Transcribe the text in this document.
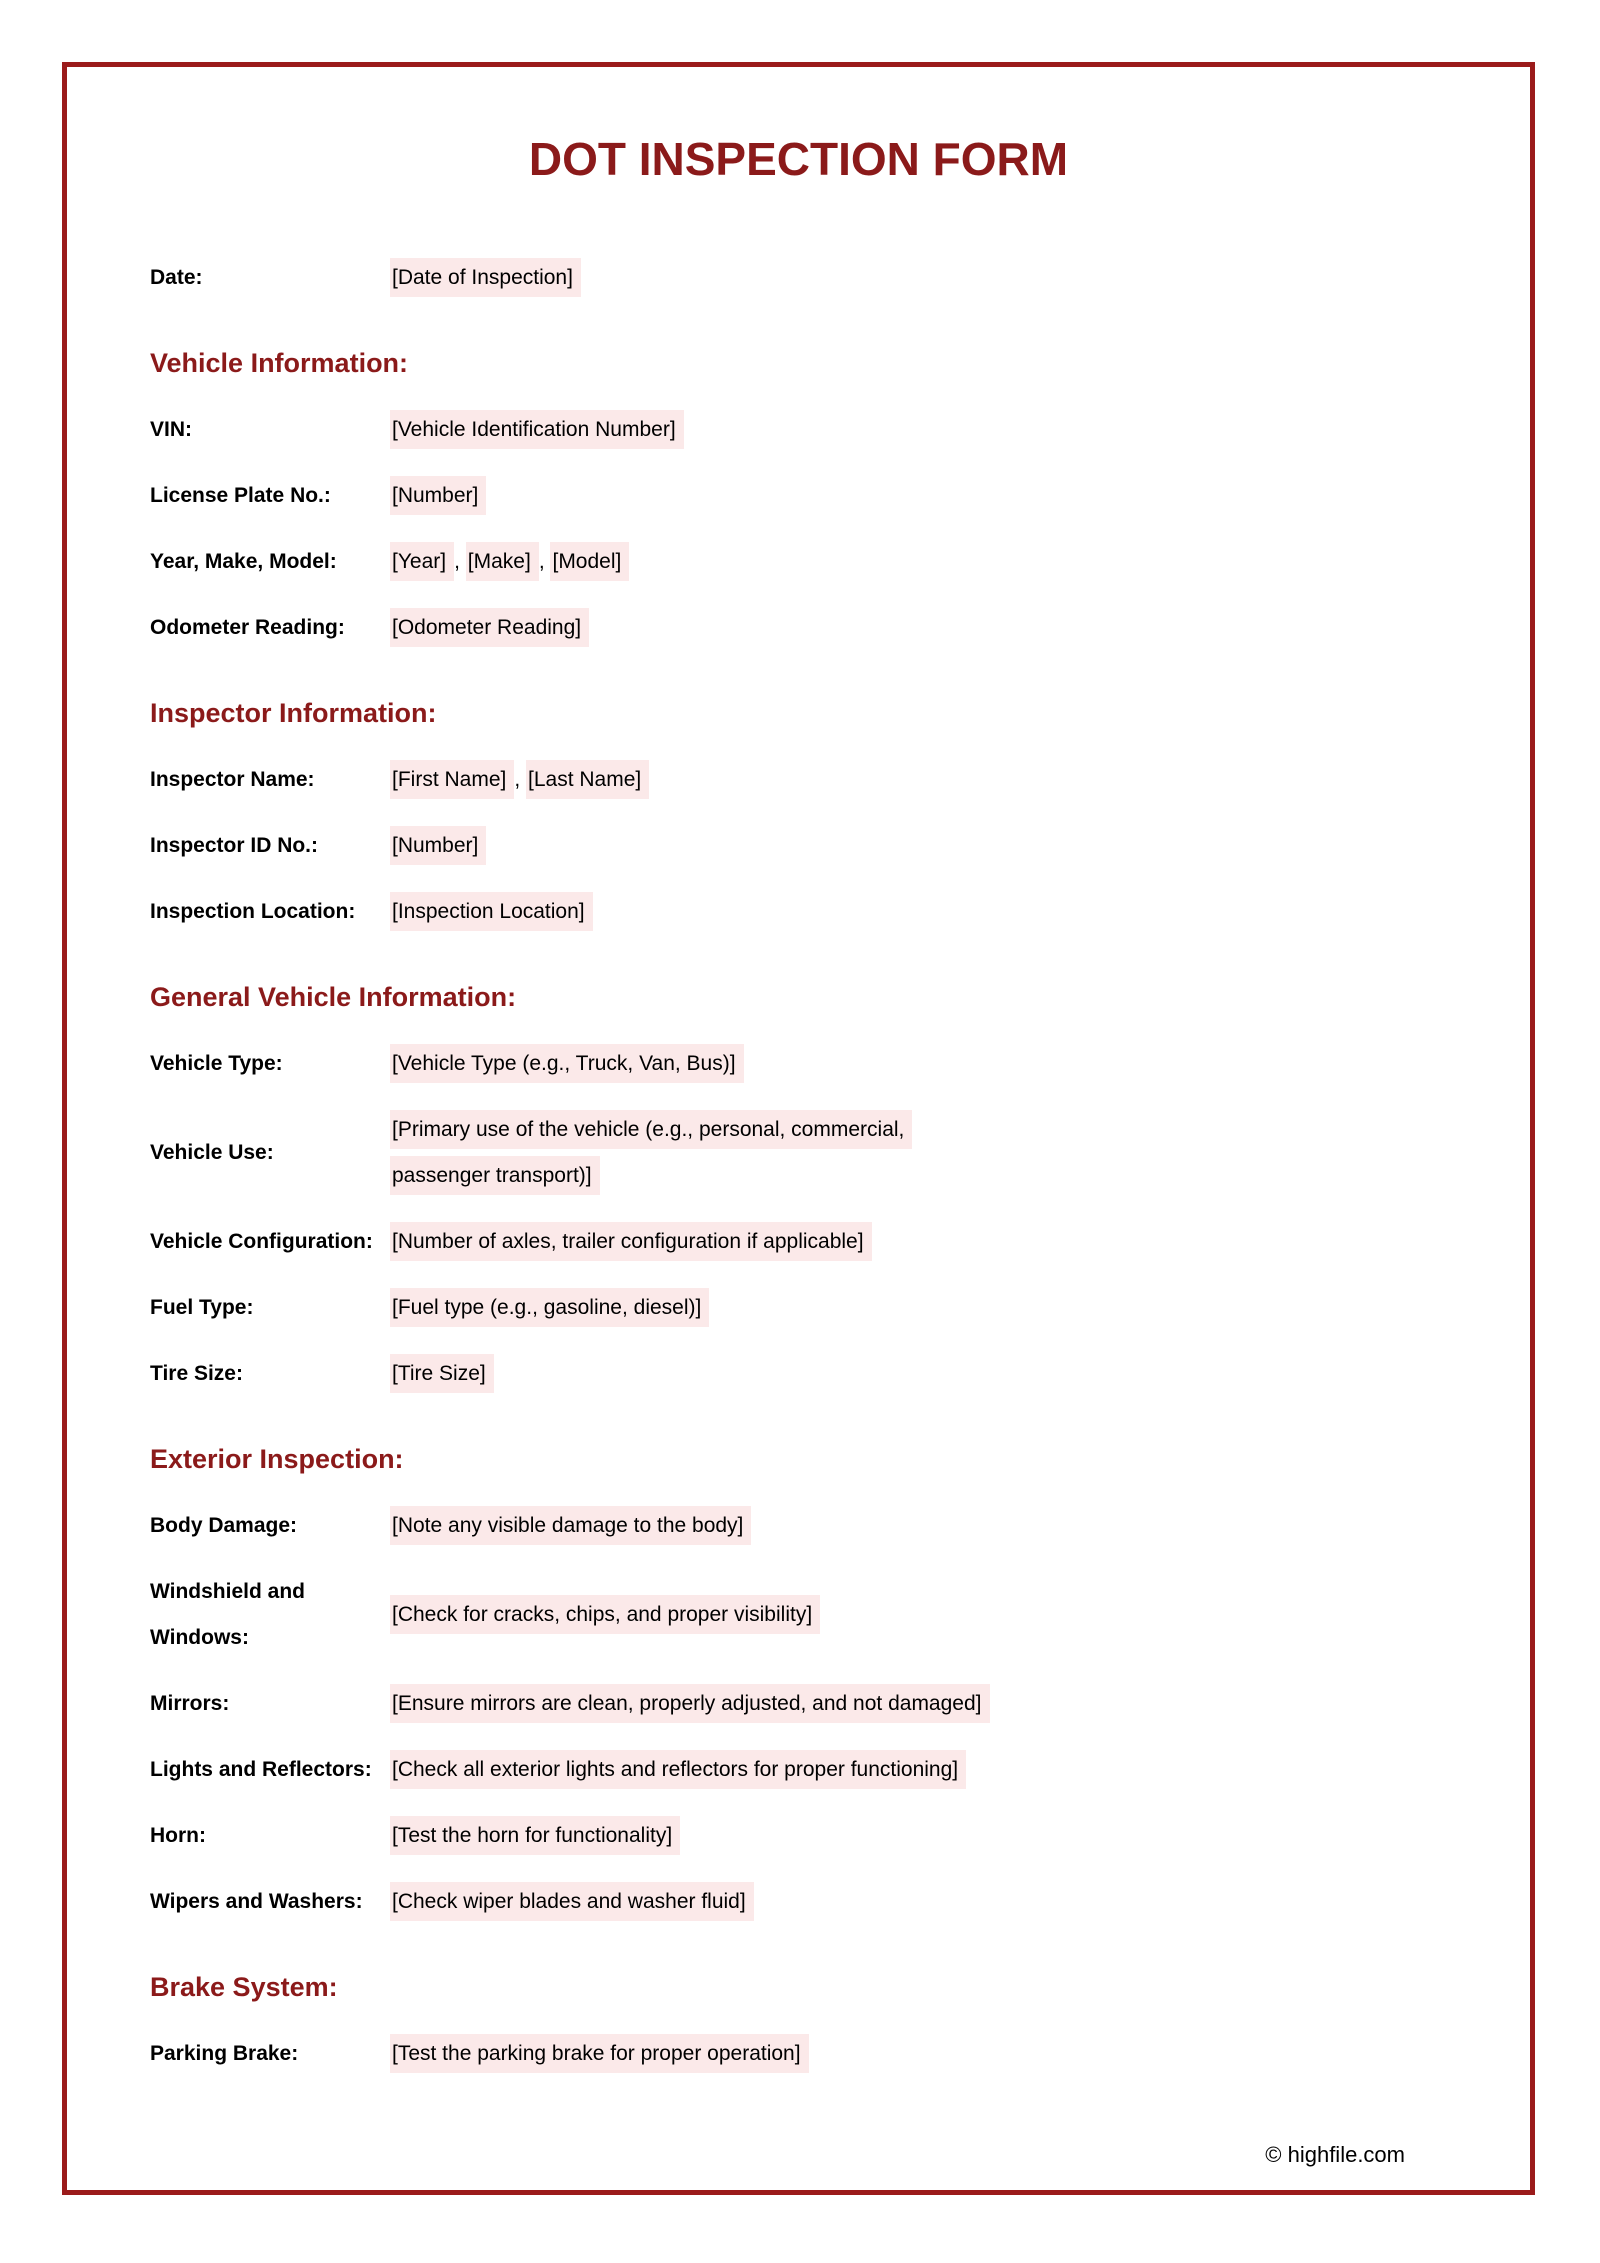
DOT INSPECTION FORM
Date:	[Date of Inspection]
Vehicle Information:
VIN:	[Vehicle Identification Number]
License Plate No.:	[Number]
Year, Make, Model:	[Year] , [Make] , [Model]
Odometer Reading:	[Odometer Reading]
Inspector Information:
Inspector Name:	[First Name] , [Last Name]
Inspector ID No.:	[Number]
Inspection Location:	[Inspection Location]
General Vehicle Information:
Vehicle Type:	[Vehicle Type (e.g., Truck, Van, Bus)]
Vehicle Use:
[Primary use of the vehicle (e.g., personal, commercial, passenger transport)]
Vehicle Configuration: [Number of axles, trailer configuration if applicable]
Fuel Type:	[Fuel type (e.g., gasoline, diesel)]
Tire Size:	[Tire Size]
Exterior Inspection:
Body Damage:	[Note any visible damage to the body]
Windshield and Windows:
[Check for cracks, chips, and proper visibility]
Mirrors:	[Ensure mirrors are clean, properly adjusted, and not damaged]
Lights and Reflectors: [Check all exterior lights and reflectors for proper functioning]
Horn:	[Test the horn for functionality]
Wipers and Washers:	[Check wiper blades and washer fluid]
Brake System:
Parking Brake:	[Test the parking brake for proper operation]
© highfile.com
